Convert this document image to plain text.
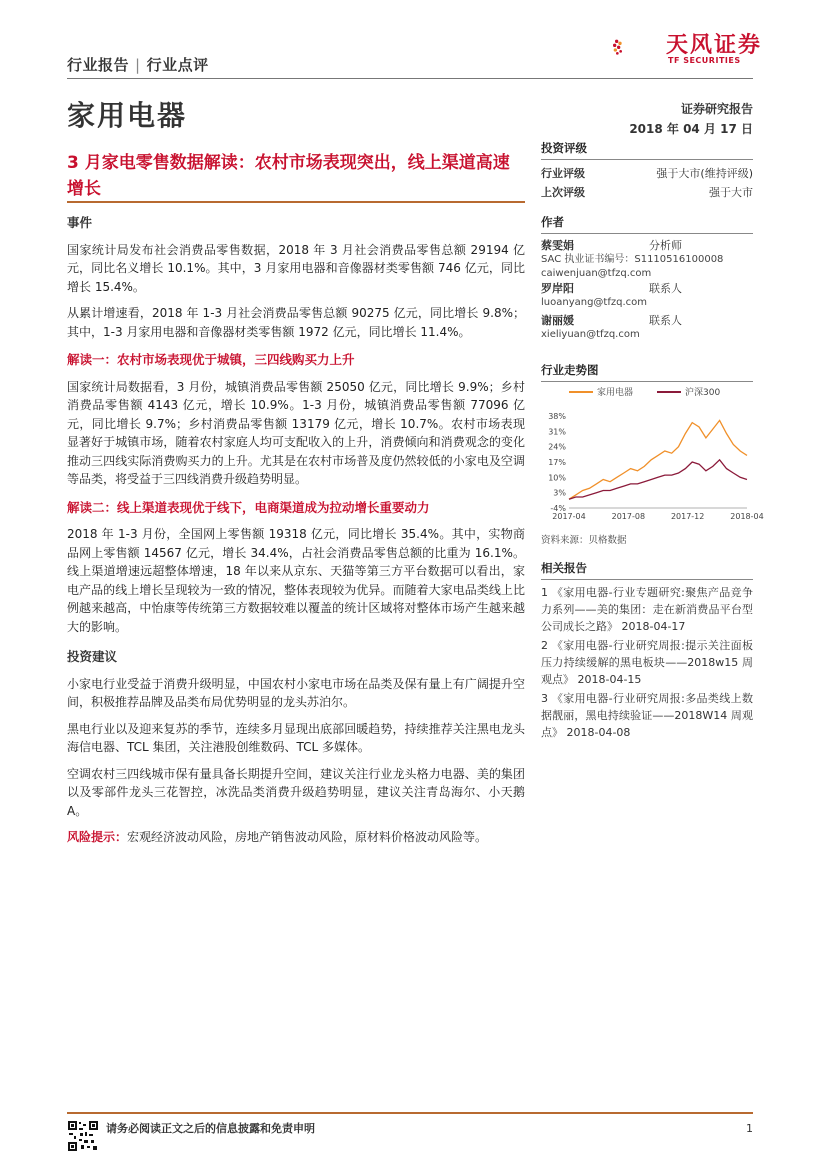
行业报告 | 行业点评
天风证券
TF SECURITIES
家用电器	证券研究报告
2018 年 04 月 17 日
3 月家电零售数据解读：农村市场表现突出，线上渠道高速增长
事件
国家统计局发布社会消费品零售数据，2018 年 3 月社会消费品零售总额 29194 亿元，同比名义增长 10.1%。其中，3 月家用电器和音像器材类零售额 746 亿元，同比增长 15.4%。
从累计增速看，2018 年 1-3 月社会消费品零售总额 90275 亿元，同比增长 9.8%；其中，1-3 月家用电器和音像器材类零售额 1972 亿元，同比增长 11.4%。
解读一：农村市场表现优于城镇，三四线购买力上升
国家统计局数据看，3 月份，城镇消费品零售额 25050 亿元，同比增长 9.9%；乡村消费品零售额 4143 亿元，增长 10.9%。1-3 月份，城镇消费品零售额 77096 亿元，同比增长 9.7%；乡村消费品零售额 13179 亿元，增长 10.7%。农村市场表现显著好于城镇市场，随着农村家庭人均可支配收入的上升，消费倾向和消费观念的变化推动三四线实际消费购买力的上升。尤其是在农村市场普及度仍然较低的小家电及空调等品类，将受益于三四线消费升级趋势明显。
解读二：线上渠道表现优于线下，电商渠道成为拉动增长重要动力
2018 年 1-3 月份，全国网上零售额 19318 亿元，同比增长 35.4%。其中，实物商品网上零售额 14567 亿元，增长 34.4%，占社会消费品零售总额的比重为 16.1%。线上渠道增速远超整体增速，18 年以来从京东、天猫等第三方平台数据可以看出，家电产品的线上增长呈现较为一致的情况，整体表现较为优异。而随着大家电品类线上比例越来越高，中怡康等传统第三方数据较难以覆盖的统计区域将对整体市场产生越来越大的影响。
投资建议
小家电行业受益于消费升级明显，中国农村小家电市场在品类及保有量上有广阔提升空间，积极推荐品牌及品类布局优势明显的龙头苏泊尔。
黑电行业以及迎来复苏的季节，连续多月显现出底部回暖趋势，持续推荐关注黑电龙头海信电器、TCL 集团，关注港股创维数码、TCL 多媒体。
空调农村三四线城市保有量具备长期提升空间，建议关注行业龙头格力电器、美的集团以及零部件龙头三花智控，冰洗品类消费升级趋势明显，建议关注青岛海尔、小天鹅 A。
风险提示：宏观经济波动风险，房地产销售波动风险，原材料价格波动风险等。
投资评级
行业评级	强于大市(维持评级)
上次评级	强于大市
作者
蔡雯娟	分析师
SAC 执业证书编号：S1110516100008
caiwenjuan@tfzq.com
罗岸阳	联系人
luoanyang@tfzq.com
谢丽媛	联系人
xieliyuan@tfzq.com
行业走势图
家用电器	沪深300
38%
31%
24%
17%
10%
3%
-4%
2017-04	2017-08	2017-12	2018-04
资料来源：贝格数据
相关报告
1 《家用电器-行业专题研究:聚焦产品竞争力系列——美的集团：走在新消费品平台型公司成长之路》 2018-04-17
2 《家用电器-行业研究周报:提示关注面板压力持续缓解的黑电板块——2018w15 周观点》 2018-04-15
3 《家用电器-行业研究周报:多品类线上数据靓丽，黑电持续验证——2018W14 周观点》 2018-04-08
请务必阅读正文之后的信息披露和免责申明	1
